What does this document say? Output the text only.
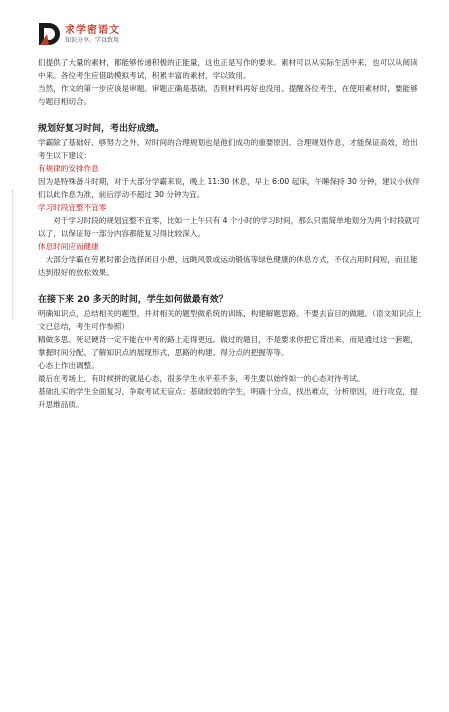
求学密语文
知识分享，学以致用

们提供了大量的素材，都能够传递积极的正能量，这也正是写作的要求。素材可以从实际生活中来，也可以从阅读中来。各位考生应借助模拟考试，积累丰富的素材，学以致用。

当然，作文的第一步应该是审题。审题正确是基础，否则材料再好也没用。提醒各位考生，在使用素材时，要能够与题目相切合。

规划好复习时间，考出好成绩。

学霸除了基础好、够努力之外，对时间的合理规划也是他们成功的重要原因。合理规划作息，才能保证高效，给出考生以下建议：

有规律的安排作息

因为是特殊备斗时期，对于大部分学霸来说，晚上 11:30 休息，早上 6:00 起床，午睡保持 30 分钟，建议小伙伴们以此作息为准，前后浮动不超过 30 分钟为宜。

学习时段宜整不宜零

对于学习时段的规划宜整不宜零，比如一上午只有 4 个小时的学习时间，那么只需简单地划分为两个时段就可以了，以保证每一部分内容都能复习得比较深入。

休息时间应而健康

大部分学霸在劳累时都会选择闭目小憩、远眺风景或运动锻炼等绿色健康的休息方式，不仅占用时间短，而且能达到很好的放松效果。

在接下来 20 多天的时间，学生如何做最有效？

明确知识点，总结相关的题型，并对相关的题型做系统的训练，构建解题思路。不要去盲目的做题。（语文知识点上文已总结，考生可作参照）

精做多思。死记硬背一定不能在中考的路上走得更远。做过的题目，不是要求你把它背出来，而是通过这一套题，掌握时间分配、了解知识点的展现形式，思路的构建、得分点的把握等等。

心态上作出调整。

最后在考场上，有时候拼的就是心态，很多学生水平差不多，考生要以始终如一的心态对待考试。

基础扎实的学生全面复习，争取考试无盲点；基础较弱的学生，明确十分点，找出难点，分析原因，进行攻克，提升思维品质。
